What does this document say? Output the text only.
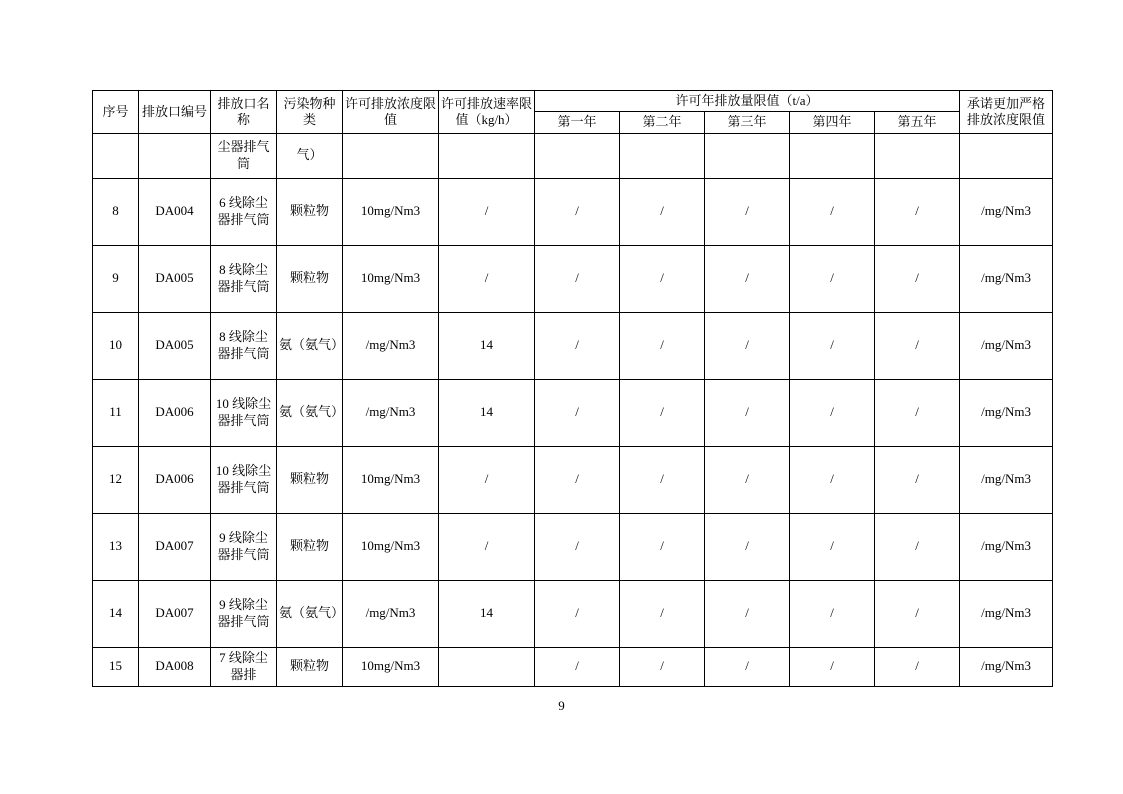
序号	排放口编号	排放口名称	污染物种类	许可排放浓度限值	许可排放速率限值（kg/h）	许可年排放量限值（t/a）					承诺更加严格排放浓度限值
						第一年	第二年	第三年	第四年	第五年	
		尘器排气筒	气）								
8	DA004	6 线除尘器排气筒	颗粒物	10mg/Nm3	/	/	/	/	/	/	/mg/Nm3
9	DA005	8 线除尘器排气筒	颗粒物	10mg/Nm3	/	/	/	/	/	/	/mg/Nm3
10	DA005	8 线除尘器排气筒	氨（氨气）	/mg/Nm3	14	/	/	/	/	/	/mg/Nm3
11	DA006	10 线除尘器排气筒	氨（氨气）	/mg/Nm3	14	/	/	/	/	/	/mg/Nm3
12	DA006	10 线除尘器排气筒	颗粒物	10mg/Nm3	/	/	/	/	/	/	/mg/Nm3
13	DA007	9 线除尘器排气筒	颗粒物	10mg/Nm3	/	/	/	/	/	/	/mg/Nm3
14	DA007	9 线除尘器排气筒	氨（氨气）	/mg/Nm3	14	/	/	/	/	/	/mg/Nm3
15	DA008	7 线除尘器排	颗粒物	10mg/Nm3		/	/	/	/	/	/mg/Nm3
9
